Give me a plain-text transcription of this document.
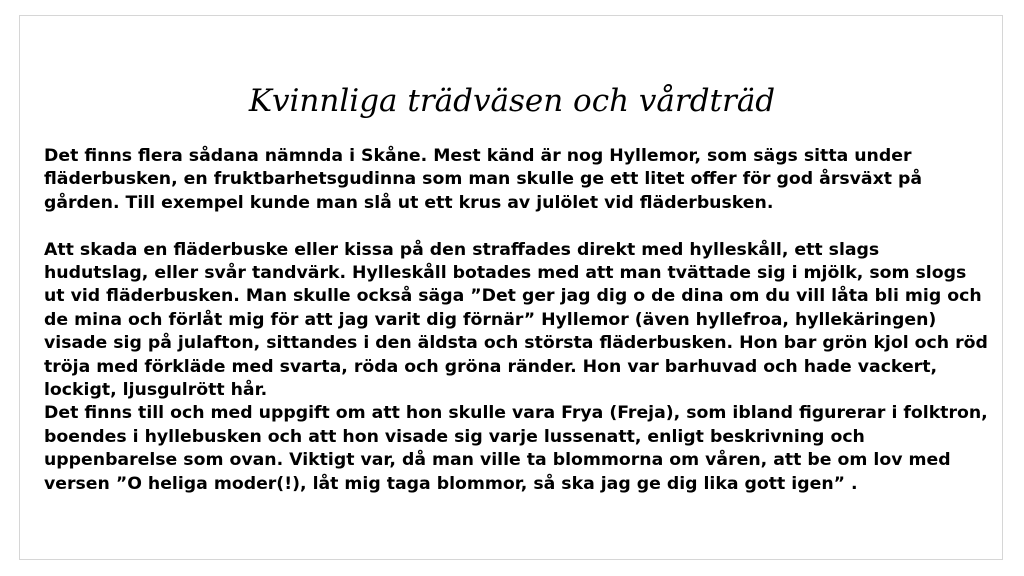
Kvinnliga trädväsen och vårdträd

Det finns flera sådana nämnda i Skåne. Mest känd är nog Hyllemor, som sägs sitta under fläderbusken, en fruktbarhetsgudinna som man skulle ge ett litet offer för god årsväxt på gården. Till exempel kunde man slå ut ett krus av julölet vid fläderbusken.

Att skada en fläderbuske eller kissa på den straffades direkt med hylleskåll, ett slags hudutslag, eller svår tandvärk. Hylleskåll botades med att man tvättade sig i mjölk, som slogs ut vid fläderbusken. Man skulle också säga ”Det ger jag dig o de dina om du vill låta bli mig och de mina och förlåt mig för att jag varit dig förnär” Hyllemor (även hyllefroa, hyllekäringen) visade sig på julafton, sittandes i den äldsta och största fläderbusken. Hon bar grön kjol och röd tröja med förkläde med svarta, röda och gröna ränder. Hon var barhuvad och hade vackert, lockigt, ljusgulrött hår.

Det finns till och med uppgift om att hon skulle vara Frya (Freja), som ibland figurerar i folktron, boendes i hyllebusken och att hon visade sig varje lussenatt, enligt beskrivning och uppenbarelse som ovan. Viktigt var, då man ville ta blommorna om våren, att be om lov med versen ”O heliga moder(!), låt mig taga blommor, så ska jag ge dig lika gott igen” .
